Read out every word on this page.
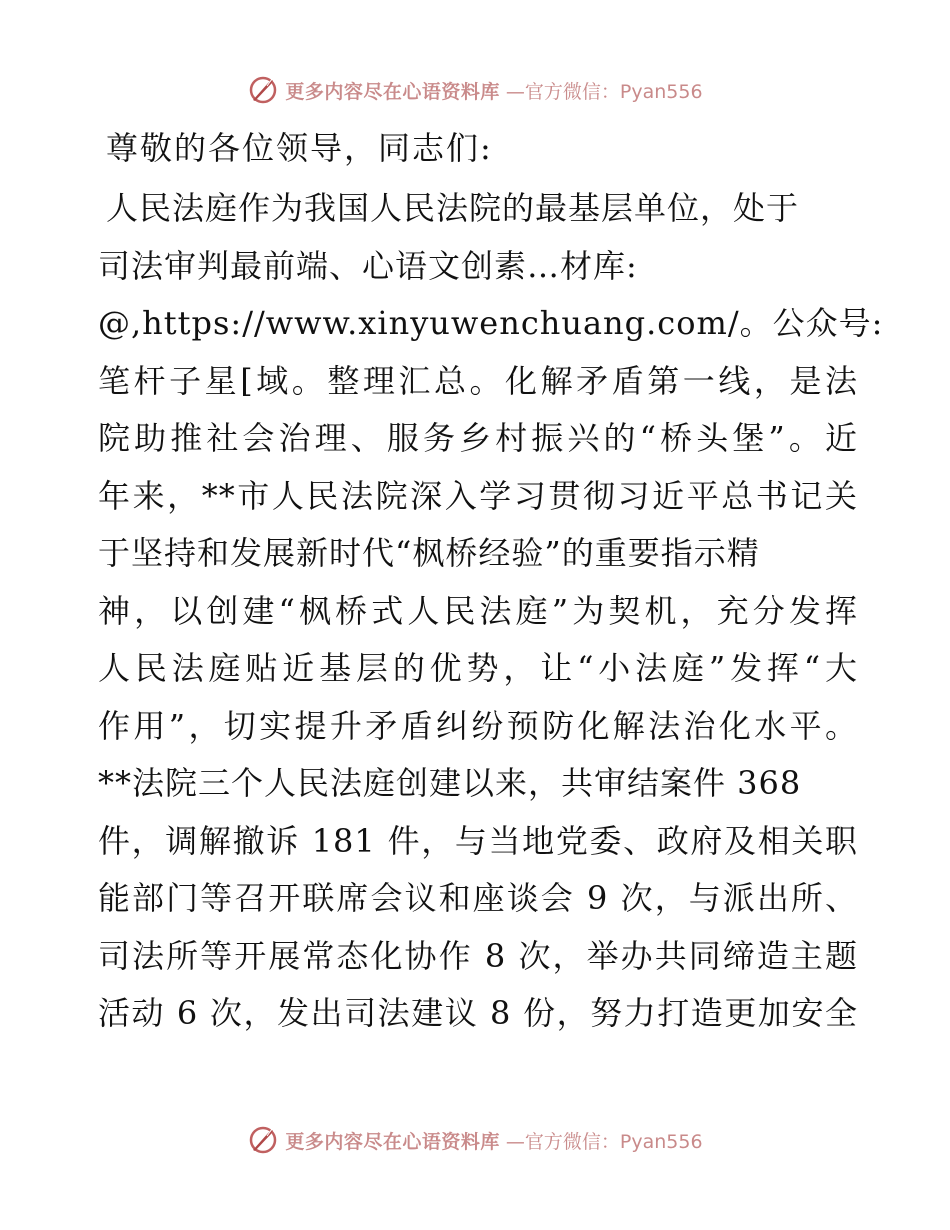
更多内容尽在心语资料库 —官方微信：Pyan556
尊敬的各位领导，同志们:
人民法庭作为我国人民法院的最基层单位，处于
司法审判最前端、心语文创素…材库:
@,https://www.xinyuwenchuang.com/。公众号:
笔杆子星[域。整理汇总。化解矛盾第一线，是法
院助推社会治理、服务乡村振兴的“桥头堡”。近
年来，**市人民法院深入学习贯彻习近平总书记关
于坚持和发展新时代“枫桥经验”的重要指示精
神，以创建“枫桥式人民法庭”为契机，充分发挥
人民法庭贴近基层的优势，让“小法庭”发挥“大
作用”，切实提升矛盾纠纷预防化解法治化水平。
**法院三个人民法庭创建以来，共审结案件 368
件，调解撤诉 181 件，与当地党委、政府及相关职
能部门等召开联席会议和座谈会 9 次，与派出所、
司法所等开展常态化协作 8 次，举办共同缔造主题
活动 6 次，发出司法建议 8 份，努力打造更加安全
更多内容尽在心语资料库 —官方微信：Pyan556
